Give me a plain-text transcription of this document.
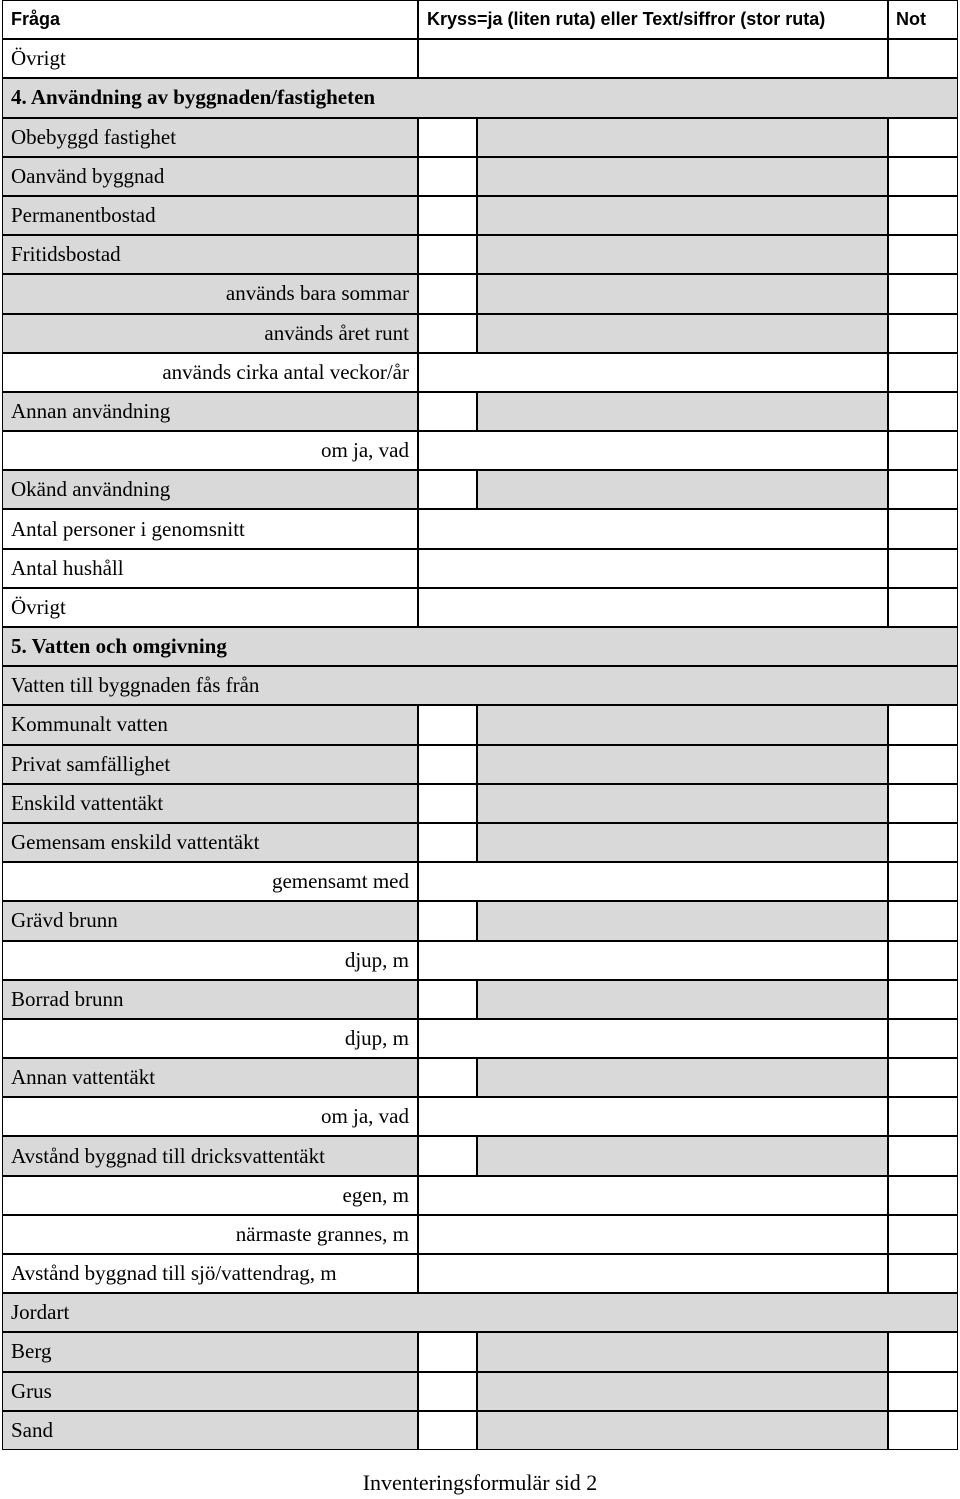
Fråga	Kryss=ja (liten ruta) eller Text/siffror (stor ruta)	Not
Övrigt
4. Användning av byggnaden/fastigheten
Obebyggd fastighet
Oanvänd byggnad
Permanentbostad
Fritidsbostad
används bara sommar
används året runt
används cirka antal veckor/år
Annan användning
om ja, vad
Okänd användning
Antal personer i genomsnitt
Antal hushåll
Övrigt
5. Vatten och omgivning
Vatten till byggnaden fås från
Kommunalt vatten
Privat samfällighet
Enskild vattentäkt
Gemensam enskild vattentäkt
gemensamt med
Grävd brunn
djup, m
Borrad brunn
djup, m
Annan vattentäkt
om ja, vad
Avstånd byggnad till dricksvattentäkt
egen, m
närmaste grannes, m
Avstånd byggnad till sjö/vattendrag, m
Jordart
Berg
Grus
Sand
Inventeringsformulär sid 2
